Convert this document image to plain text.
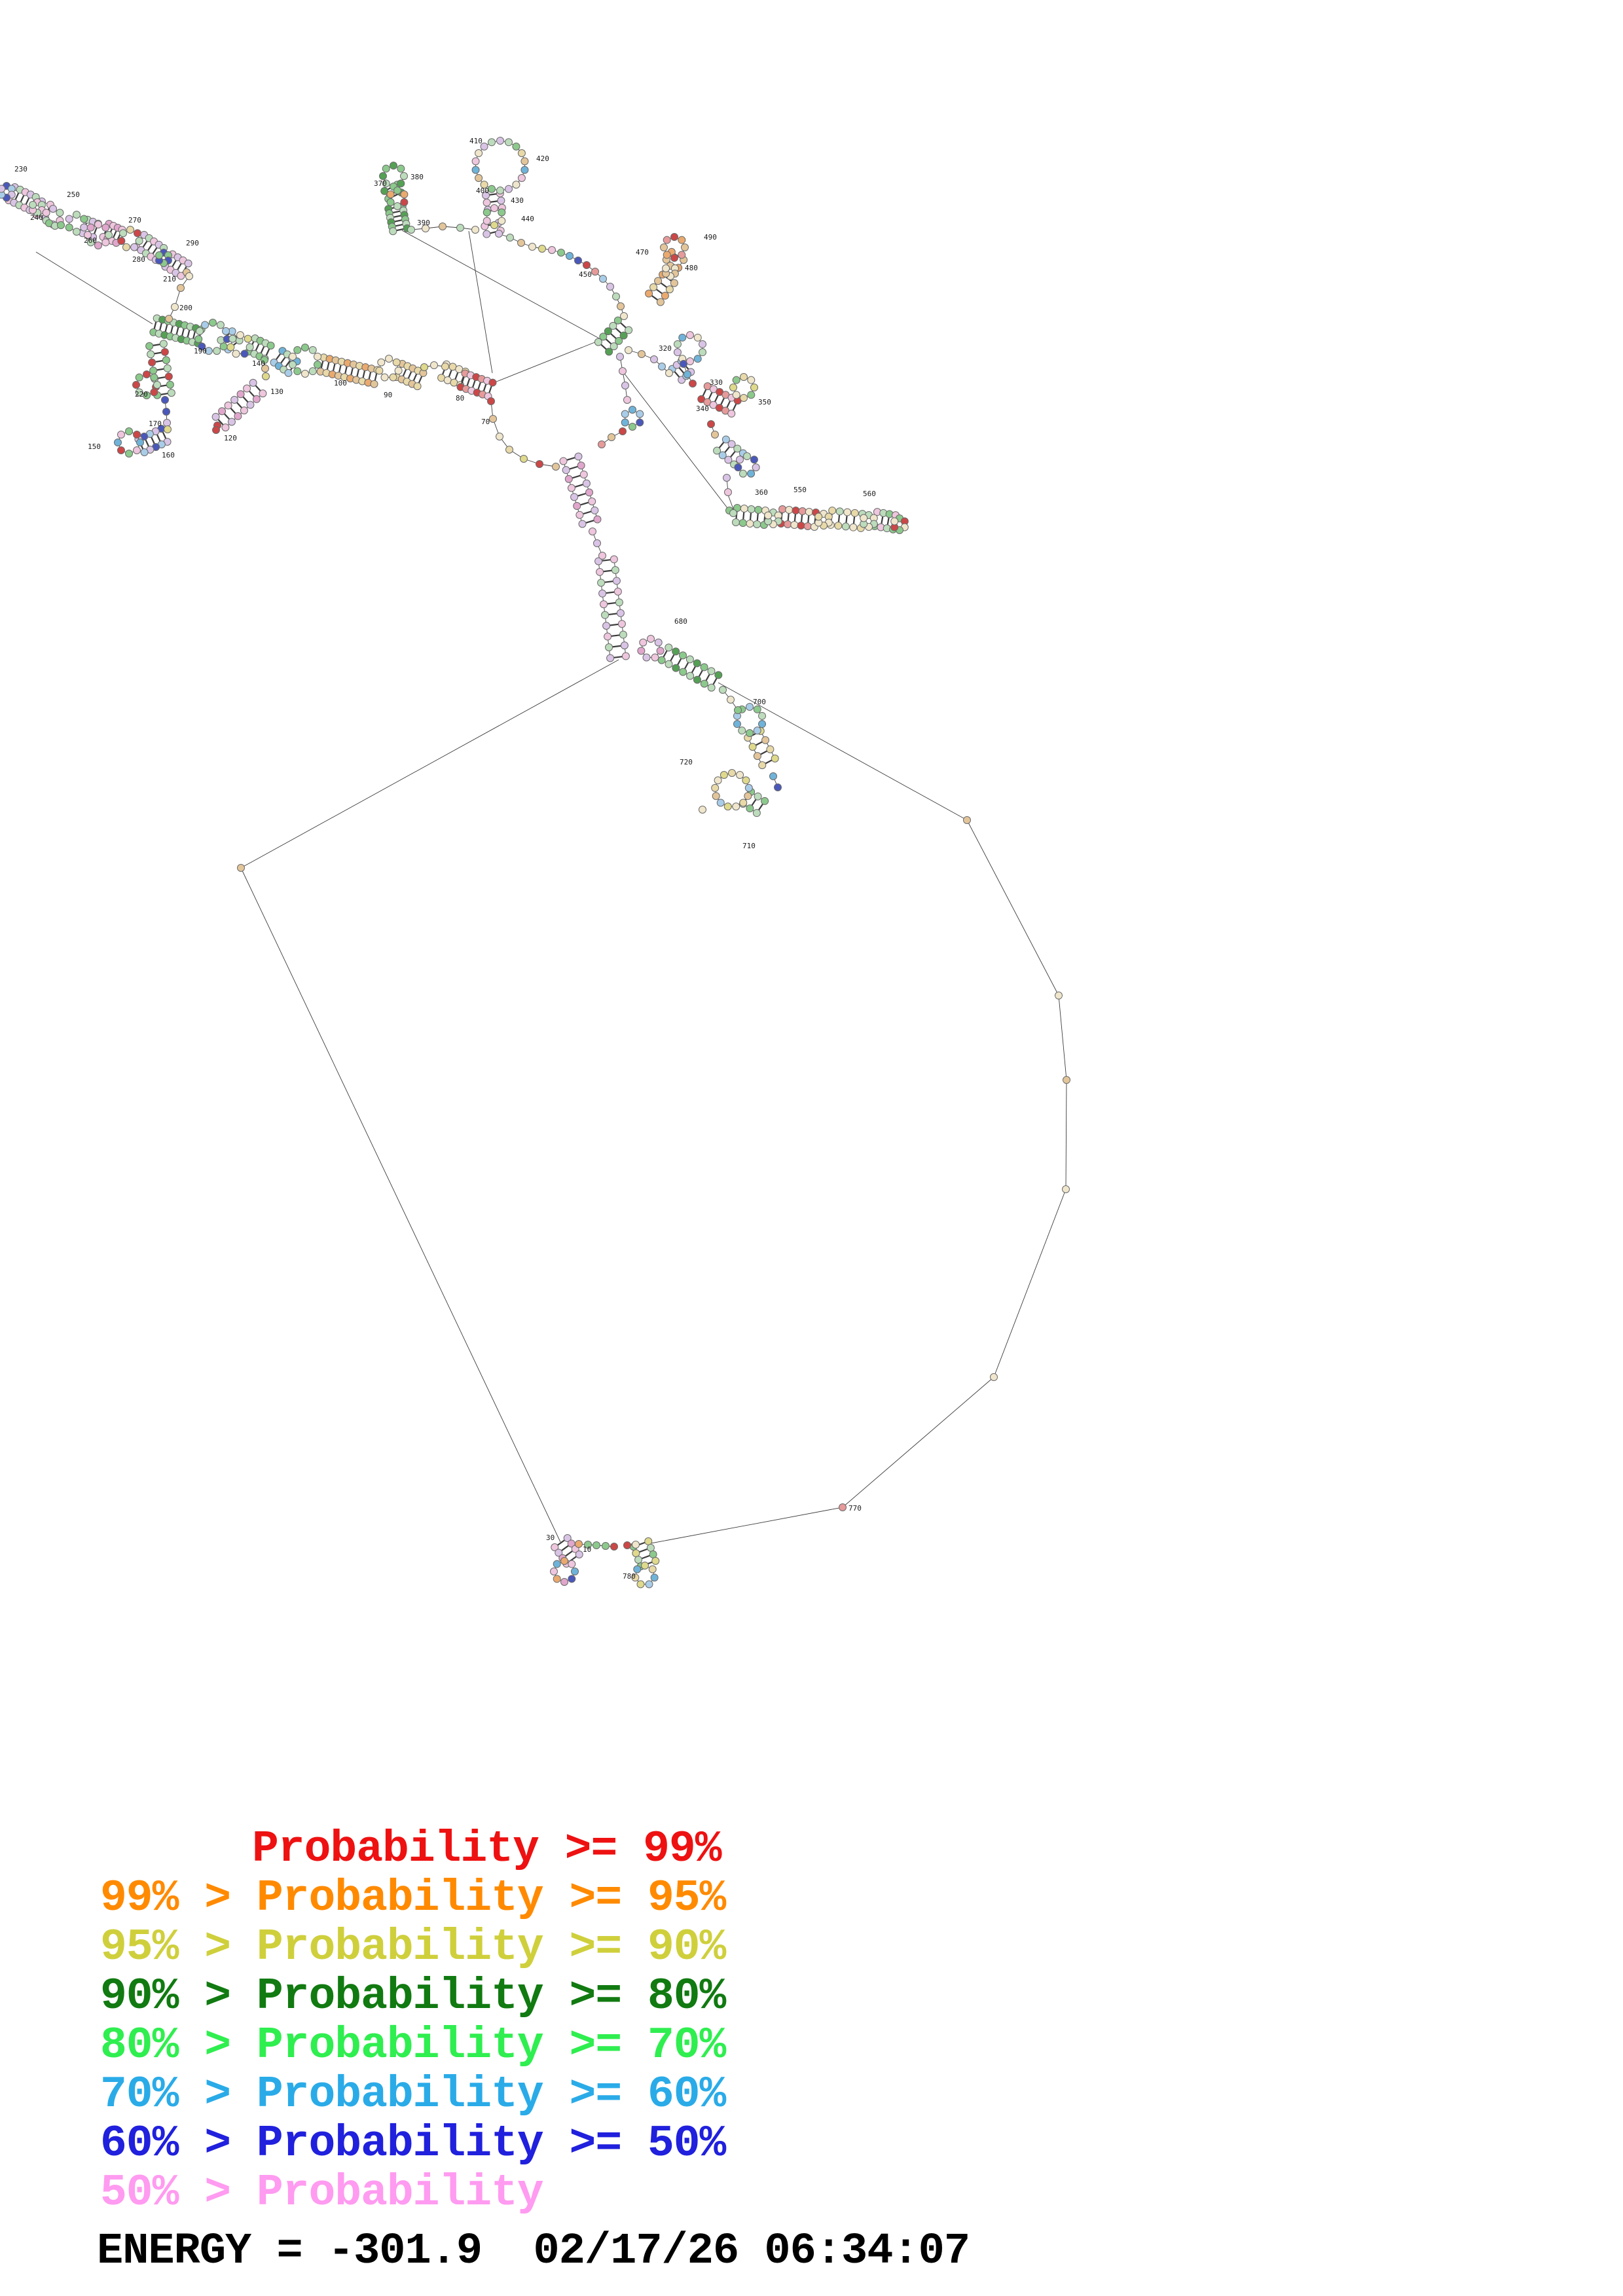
230
240
250
260
270
280
290
210
220
170
160
150
200
190
140
130
120
100
90	80
70
370
380
390
400
410
420
430
440
450
470
480
490
320
330
340
350
360	550	560
680
700
710
720
770
780
30
10
Probability >= 99%
99% > Probability >= 95%
95% > Probability >= 90%
90% > Probability >= 80%
80% > Probability >= 70%
70% > Probability >= 60%
60% > Probability >= 50%
50% > Probability
ENERGY = -301.9  02/17/26 06:34:07
